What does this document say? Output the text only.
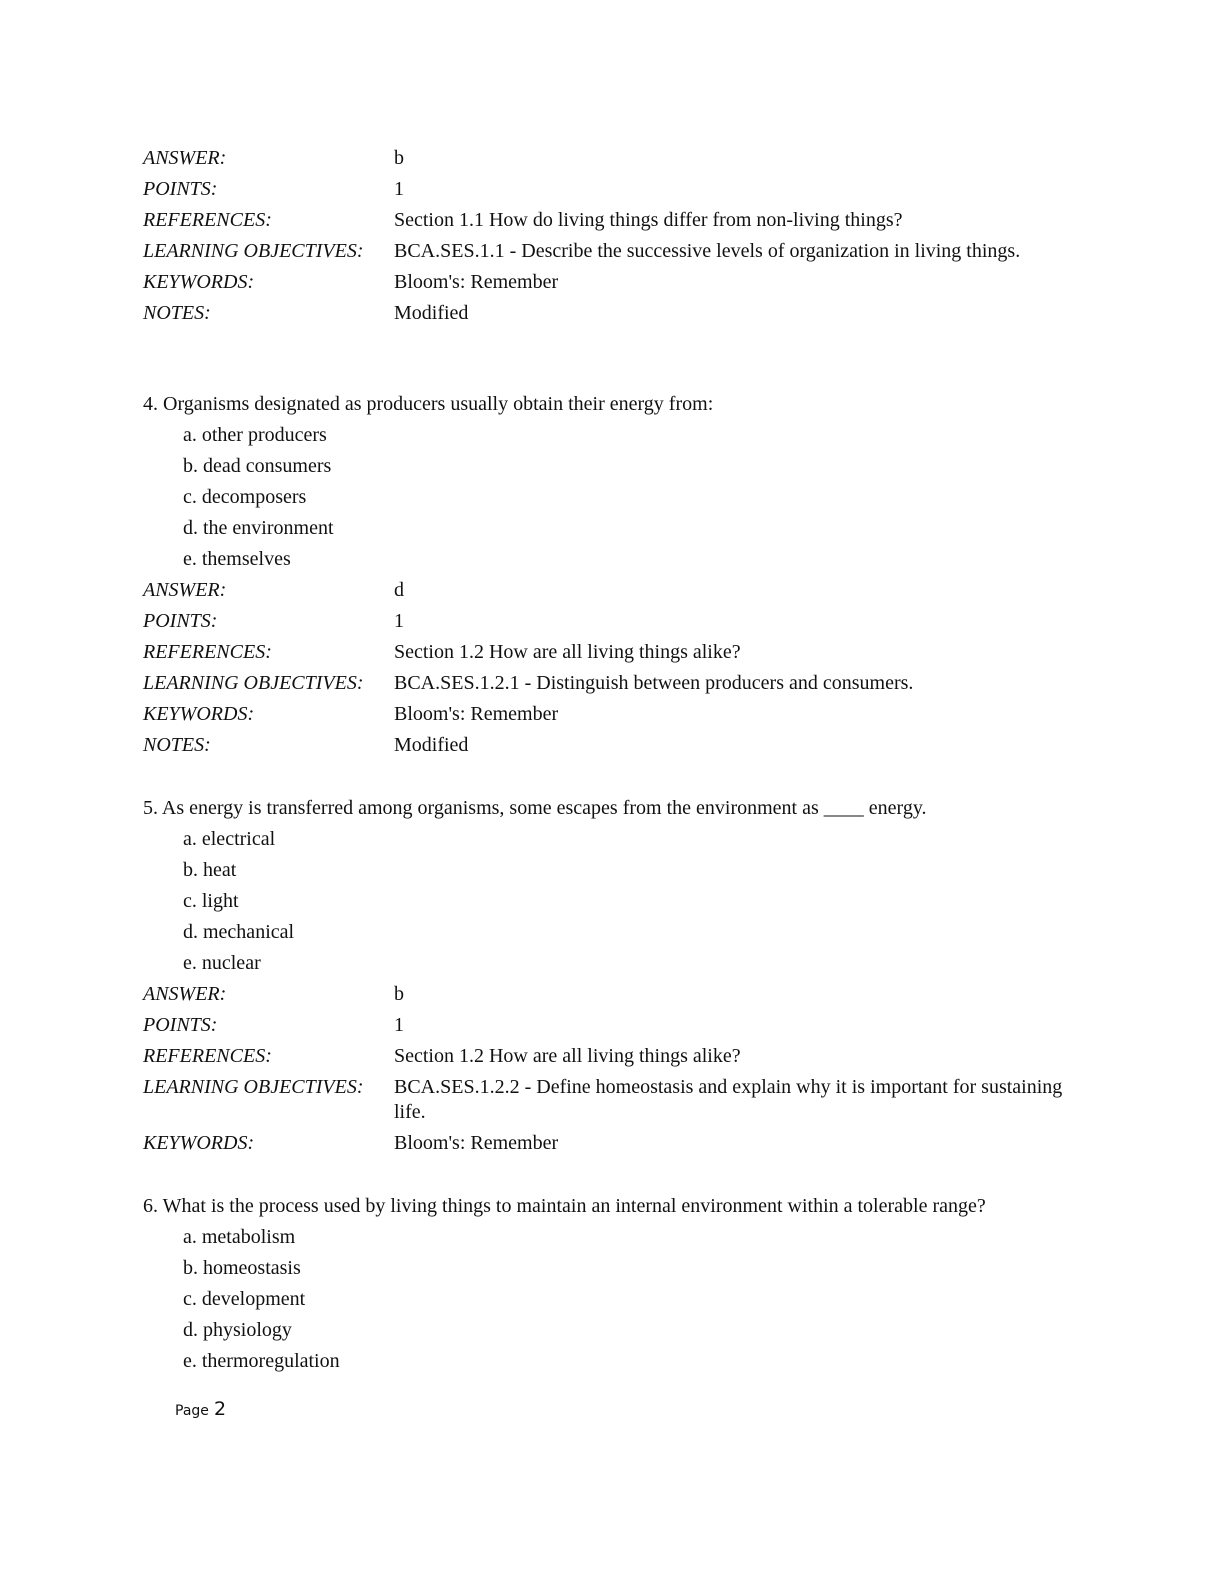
ANSWER:	b
POINTS:	1
REFERENCES:	Section 1.1 How do living things differ from non-living things?
LEARNING OBJECTIVES:	BCA.SES.1.1 - Describe the successive levels of organization in living things.
KEYWORDS:	Bloom's: Remember
NOTES:	Modified
4. Organisms designated as producers usually obtain their energy from:
a. other producers
b. dead consumers
c. decomposers
d. the environment
e. themselves
ANSWER:	d
POINTS:	1
REFERENCES:	Section 1.2 How are all living things alike?
LEARNING OBJECTIVES:	BCA.SES.1.2.1 - Distinguish between producers and consumers.
KEYWORDS:	Bloom's: Remember
NOTES:	Modified
5. As energy is transferred among organisms, some escapes from the environment as ____ energy.
a. electrical
b. heat
c. light
d. mechanical
e. nuclear
ANSWER:	b
POINTS:	1
REFERENCES:	Section 1.2 How are all living things alike?
LEARNING OBJECTIVES:	BCA.SES.1.2.2 - Define homeostasis and explain why it is important for sustaining life.
KEYWORDS:	Bloom's: Remember
6. What is the process used by living things to maintain an internal environment within a tolerable range?
a. metabolism
b. homeostasis
c. development
d. physiology
e. thermoregulation
Page 2
